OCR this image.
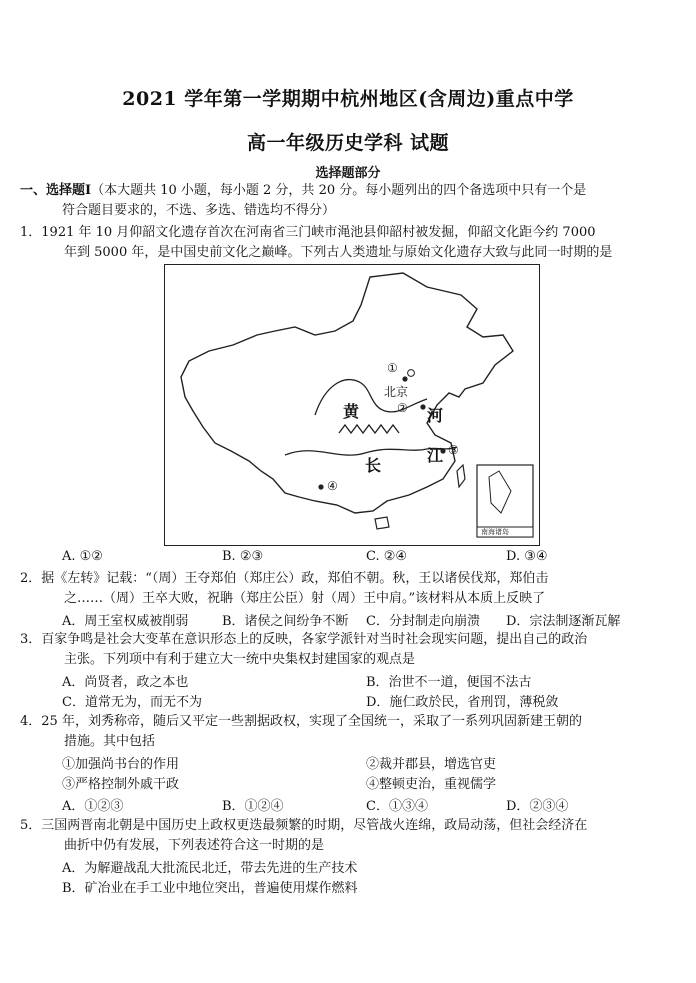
2021 学年第一学期期中杭州地区(含周边)重点中学
高一年级历史学科 试题
选择题部分
一、选择题Ⅰ（本大题共 10 小题，每小题 2 分，共 20 分。每小题列出的四个备选项中只有一个是
符合题目要求的，不选、多选、错选均不得分）
1．1921 年 10 月仰韶文化遗存首次在河南省三门峡市渑池县仰韶村被发掘，仰韶文化距今约 7000
年到 5000 年，是中国史前文化之巅峰。下列古人类遗址与原始文化遗存大致与此同一时期的是
①
北京
②
黄	河
长
江 ③
④
南海诸岛
A. ①②	B. ②③	C. ②④	D. ③④
2．据《左转》记载：“（周）王夺郑伯（郑庄公）政，郑伯不朝。秋，王以诸侯伐郑，郑伯击
之……（周）王卒大败，祝聃（郑庄公臣）射（周）王中肩。”该材料从本质上反映了
A．周王室权威被削弱	B．诸侯之间纷争不断 C．分封制走向崩溃 D．宗法制逐渐瓦解
3．百家争鸣是社会大变革在意识形态上的反映，各家学派针对当时社会现实问题，提出自己的政治
主张。下列项中有利于建立大一统中央集权封建国家的观点是
A．尚贤者，政之本也	B．治世不一道，便国不法古
C．道常无为，而无不为	D．施仁政於民，省刑罚，薄税敛
4．25 年，刘秀称帝，随后又平定一些割据政权，实现了全国统一，采取了一系列巩固新建王朝的
措施。其中包括
①加强尚书台的作用	②裁并郡县，增选官吏
③严格控制外戚干政	④整顿吏治，重视儒学
A．①②③	B．①②④	C．①③④	D．②③④
5．三国两晋南北朝是中国历史上政权更迭最频繁的时期，尽管战火连绵，政局动荡，但社会经济在
曲折中仍有发展，下列表述符合这一时期的是
A．为解避战乱大批流民北迁，带去先进的生产技术
B．矿冶业在手工业中地位突出，普遍使用煤作燃料
